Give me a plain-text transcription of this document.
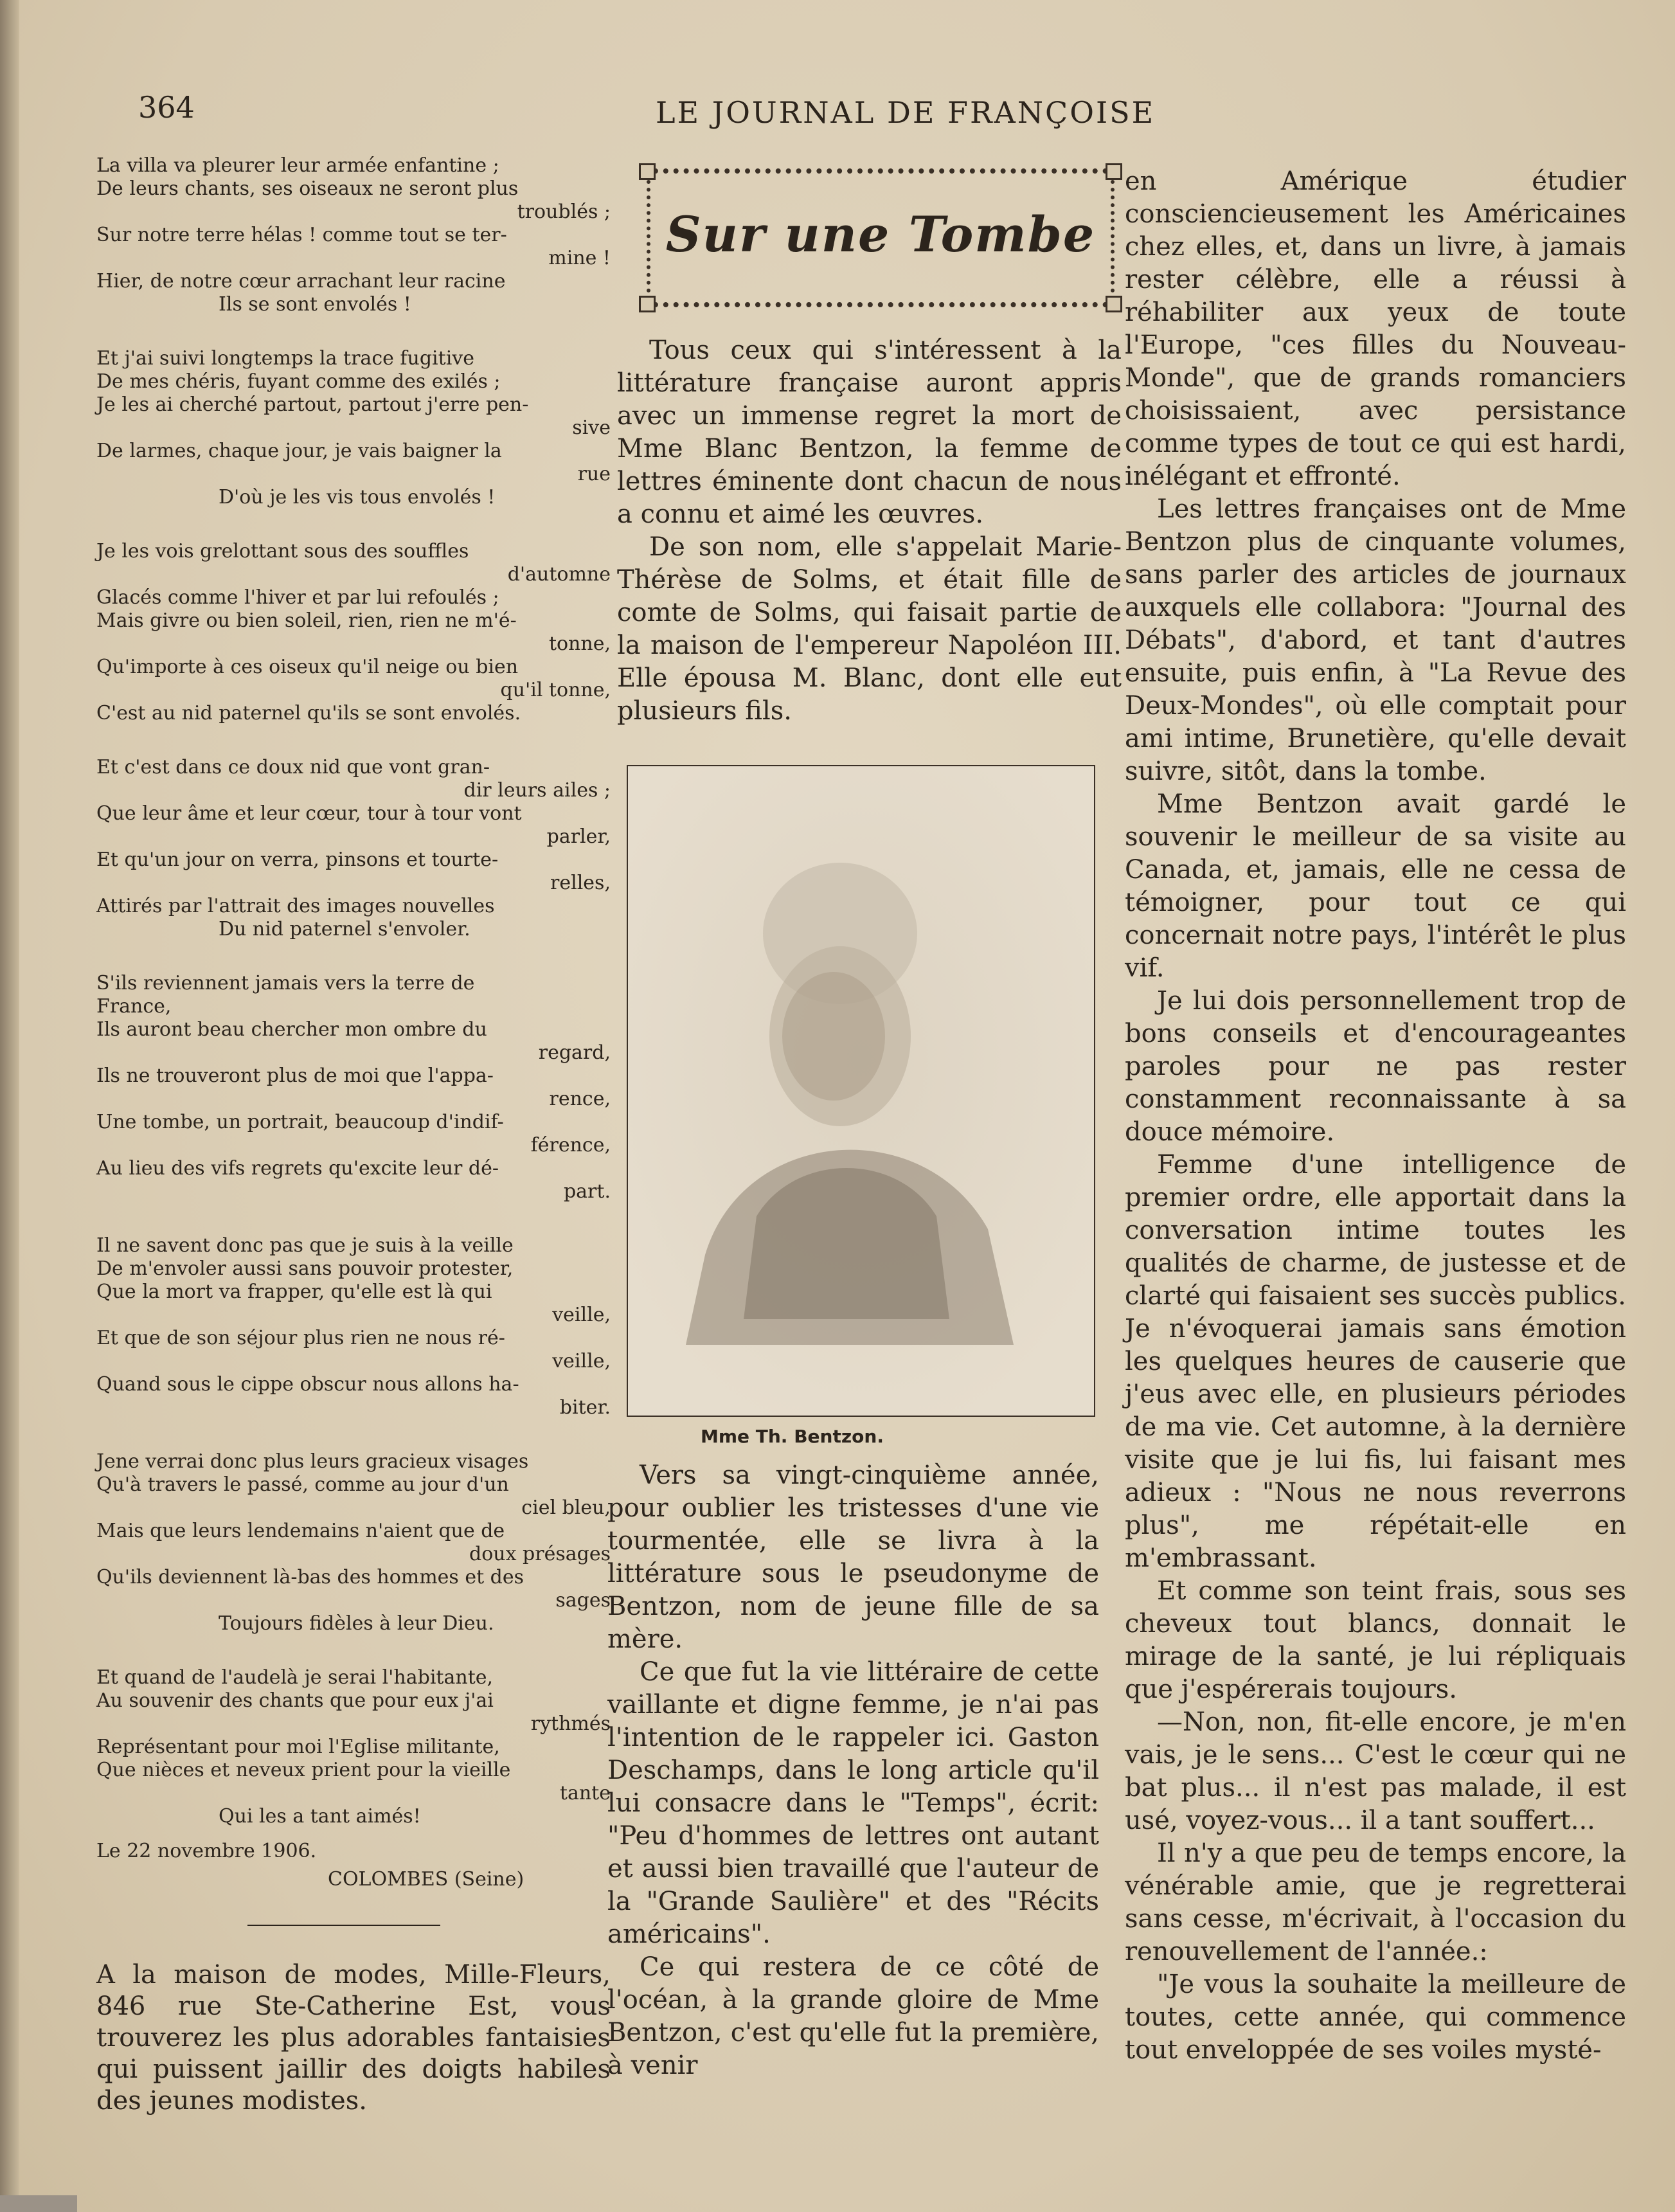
364	LE JOURNAL DE FRANÇOISE
La villa va pleurer leur armée enfantine ;
De leurs chants, ses oiseaux ne seront plus
troublés ;
Sur notre terre hélas ! comme tout se ter-
mine !
Hier, de notre cœur arrachant leur racine
Ils se sont envolés !
Et j'ai suivi longtemps la trace fugitive
De mes chéris, fuyant comme des exilés ;
Je les ai cherché partout, partout j'erre pen-
sive
De larmes, chaque jour, je vais baigner la
rue
D'où je les vis tous envolés !
Je les vois grelottant sous des souffles
d'automne
Glacés comme l'hiver et par lui refoulés ;
Mais givre ou bien soleil, rien, rien ne m'é-
tonne,
Qu'importe à ces oiseux qu'il neige ou bien
qu'il tonne,
C'est au nid paternel qu'ils se sont envolés.
Et c'est dans ce doux nid que vont gran-
dir leurs ailes ;
Que leur âme et leur cœur, tour à tour vont
parler,
Et qu'un jour on verra, pinsons et tourte-
relles,
Attirés par l'attrait des images nouvelles
Du nid paternel s'envoler.
S'ils reviennent jamais vers la terre de
France,
Ils auront beau chercher mon ombre du
regard,
Ils ne trouveront plus de moi que l'appa-
rence,
Une tombe, un portrait, beaucoup d'indif-
férence,
Au lieu des vifs regrets qu'excite leur dé-
part.
Il ne savent donc pas que je suis à la veille
De m'envoler aussi sans pouvoir protester,
Que la mort va frapper, qu'elle est là qui
veille,
Et que de son séjour plus rien ne nous ré-
veille,
Quand sous le cippe obscur nous allons ha-
biter.
Jene verrai donc plus leurs gracieux visages
Qu'à travers le passé, comme au jour d'un
ciel bleu,
Mais que leurs lendemains n'aient que de
doux présages
Qu'ils deviennent là-bas des hommes et des
sages
Toujours fidèles à leur Dieu.
Et quand de l'audelà je serai l'habitante,
Au souvenir des chants que pour eux j'ai
rythmés
Représentant pour moi l'Eglise militante,
Que nièces et neveux prient pour la vieille
tante
Qui les a tant aimés!
Le 22 novembre 1906.
COLOMBES (Seine)
A la maison de modes, Mille-Fleurs, 846 rue Ste-Catherine Est, vous trouverez les plus adorables fantaisies qui puissent jaillir des doigts habiles des jeunes modistes.
Sur une Tombe

Tous ceux qui s'intéressent à la littérature française auront appris avec un immense regret la mort de Mme Blanc Bentzon, la femme de lettres éminente dont chacun de nous a connu et aimé les œuvres.

De son nom, elle s'appelait Marie-Thérèse de Solms, et était fille de comte de Solms, qui faisait partie de la maison de l'empereur Napoléon III. Elle épousa M. Blanc, dont elle eut plusieurs fils.

Mme Th. Bentzon.

Vers sa vingt-cinquième année, pour oublier les tristesses d'une vie tourmentée, elle se livra à la littérature sous le pseudonyme de Bentzon, nom de jeune fille de sa mère.

Ce que fut la vie littéraire de cette vaillante et digne femme, je n'ai pas l'intention de le rappeler ici. Gaston Deschamps, dans le long article qu'il lui consacre dans le "Temps", écrit: "Peu d'hommes de lettres ont autant et aussi bien travaillé que l'auteur de la "Grande Saulière" et des "Récits américains".

Ce qui restera de ce côté de l'océan, à la grande gloire de Mme Bentzon, c'est qu'elle fut la première, à venir

en Amérique étudier consciencieusement les Américaines chez elles, et, dans un livre, à jamais rester célèbre, elle a réussi à réhabiliter aux yeux de toute l'Europe, "ces filles du Nouveau-Monde", que de grands romanciers choisissaient, avec persistance comme types de tout ce qui est hardi, inélégant et effronté.

Les lettres françaises ont de Mme Bentzon plus de cinquante volumes, sans parler des articles de journaux auxquels elle collabora: "Journal des Débats", d'abord, et tant d'autres ensuite, puis enfin, à "La Revue des Deux-Mondes", où elle comptait pour ami intime, Brunetière, qu'elle devait suivre, sitôt, dans la tombe.

Mme Bentzon avait gardé le souvenir le meilleur de sa visite au Canada, et, jamais, elle ne cessa de témoigner, pour tout ce qui concernait notre pays, l'intérêt le plus vif.

Je lui dois personnellement trop de bons conseils et d'encourageantes paroles pour ne pas rester constamment reconnaissante à sa douce mémoire.

Femme d'une intelligence de premier ordre, elle apportait dans la conversation intime toutes les qualités de charme, de justesse et de clarté qui faisaient ses succès publics. Je n'évoquerai jamais sans émotion les quelques heures de causerie que j'eus avec elle, en plusieurs périodes de ma vie. Cet automne, à la dernière visite que je lui fis, lui faisant mes adieux : "Nous ne nous reverrons plus", me répétait-elle en m'embrassant.

Et comme son teint frais, sous ses cheveux tout blancs, donnait le mirage de la santé, je lui répliquais que j'espérerais toujours.

—Non, non, fit-elle encore, je m'en vais, je le sens... C'est le cœur qui ne bat plus... il n'est pas malade, il est usé, voyez-vous... il a tant souffert...

Il n'y a que peu de temps encore, la vénérable amie, que je regretterai sans cesse, m'écrivait, à l'occasion du renouvellement de l'année.:

"Je vous la souhaite la meilleure de toutes, cette année, qui commence tout enveloppée de ses voiles mysté-
